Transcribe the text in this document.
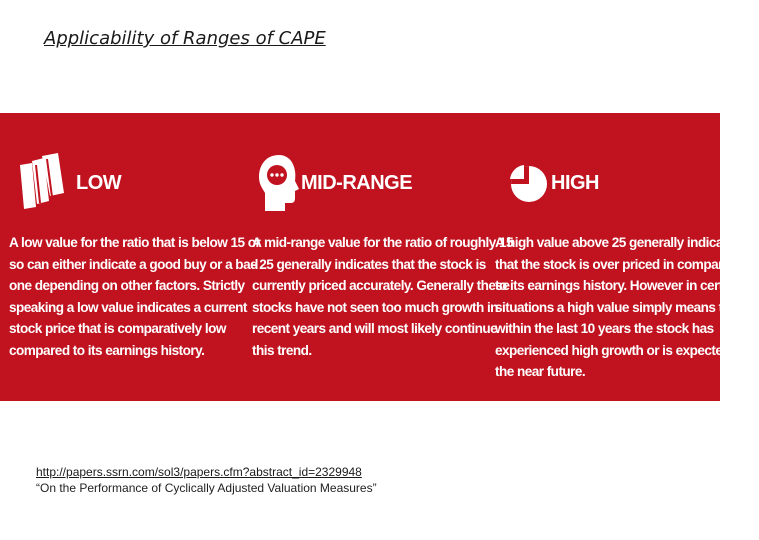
Applicability of Ranges of CAPE
LOW
A low value for the ratio that is below 15 or
so can either indicate a good buy or a bad
one depending on other factors. Strictly
speaking a low value indicates a current
stock price that is comparatively low
compared to its earnings history.
MID-RANGE
A mid-range value for the ratio of roughly 15
- 25 generally indicates that the stock is
currently priced accurately. Generally these
stocks have not seen too much growth in
recent years and will most likely continue
this trend.
HIGH
A high value above 25 generally indicates
that the stock is over priced in comparison
to its earnings history. However in certain
situations a high value simply means that
within the last 10 years the stock has
experienced high growth or is expected to in
the near future.
http://papers.ssrn.com/sol3/papers.cfm?abstract_id=2329948
“On the Performance of Cyclically Adjusted Valuation Measures”
